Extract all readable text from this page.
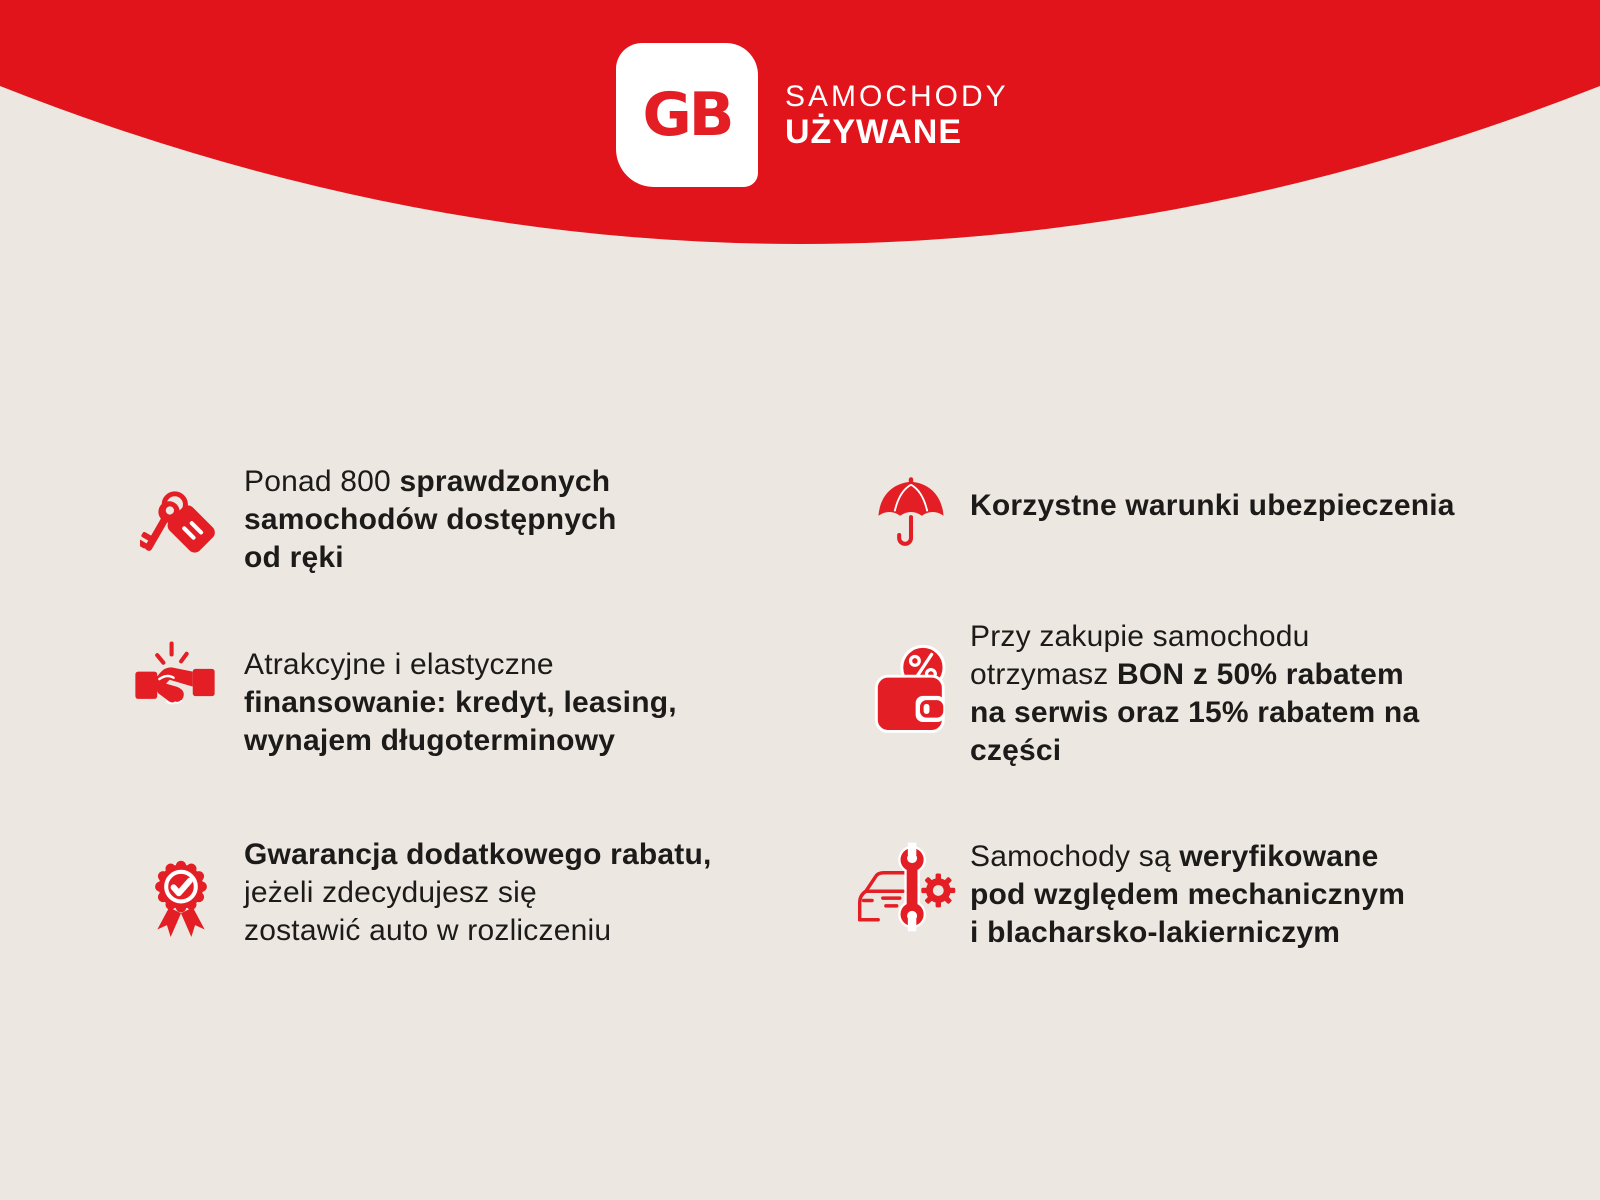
GB SAMOCHODY
UŻYWANE

Ponad 800 sprawdzonych
samochodów dostępnych
od ręki

Atrakcyjne i elastyczne
finansowanie: kredyt, leasing,
wynajem długoterminowy

Gwarancja dodatkowego rabatu,
jeżeli zdecydujesz się
zostawić auto w rozliczeniu

Korzystne warunki ubezpieczenia

Przy zakupie samochodu
otrzymasz BON z 50% rabatem
na serwis oraz 15% rabatem na
części

Samochody są weryfikowane
pod względem mechanicznym
i blacharsko-lakierniczym
